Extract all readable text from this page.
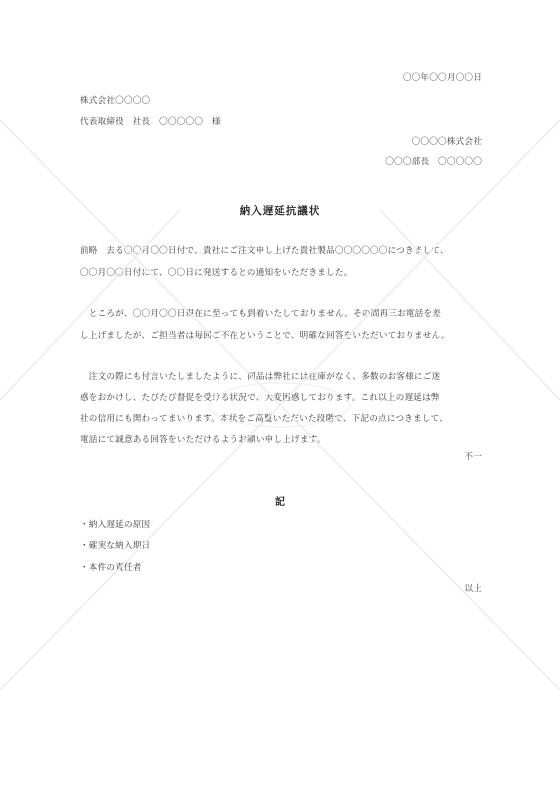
〇〇年〇〇月〇〇日
株式会社〇〇〇〇
代表取締役　社長　〇〇〇〇〇　様
〇〇〇〇株式会社
〇〇〇部長　〇〇〇〇〇
納入遅延抗議状
前略　去る〇〇月〇〇日付で、貴社にご注文申し上げた貴社製品〇〇〇〇〇〇につきまして、
〇〇月〇〇日付にて、〇〇日に発送するとの通知をいただきました。
　ところが、〇〇月〇〇日現在に至っても到着いたしておりません。その間再三お電話を差
し上げましたが、ご担当者は毎回ご不在ということで、明確な回答をいただいておりません。
　注文の際にも付言いたしましたように、同品は弊社には在庫がなく、多数のお客様にご迷
惑をおかけし、たびたび督促を受ける状況で、大変困惑しております。これ以上の遅延は弊
社の信用にも関わってまいります。本状をご高覧いただいた段階で、下記の点につきまして、
電話にて誠意ある回答をいただけるようお願い申し上げます。
不一
記
・納入遅延の原因
・確実な納入期日
・本件の責任者
以上
